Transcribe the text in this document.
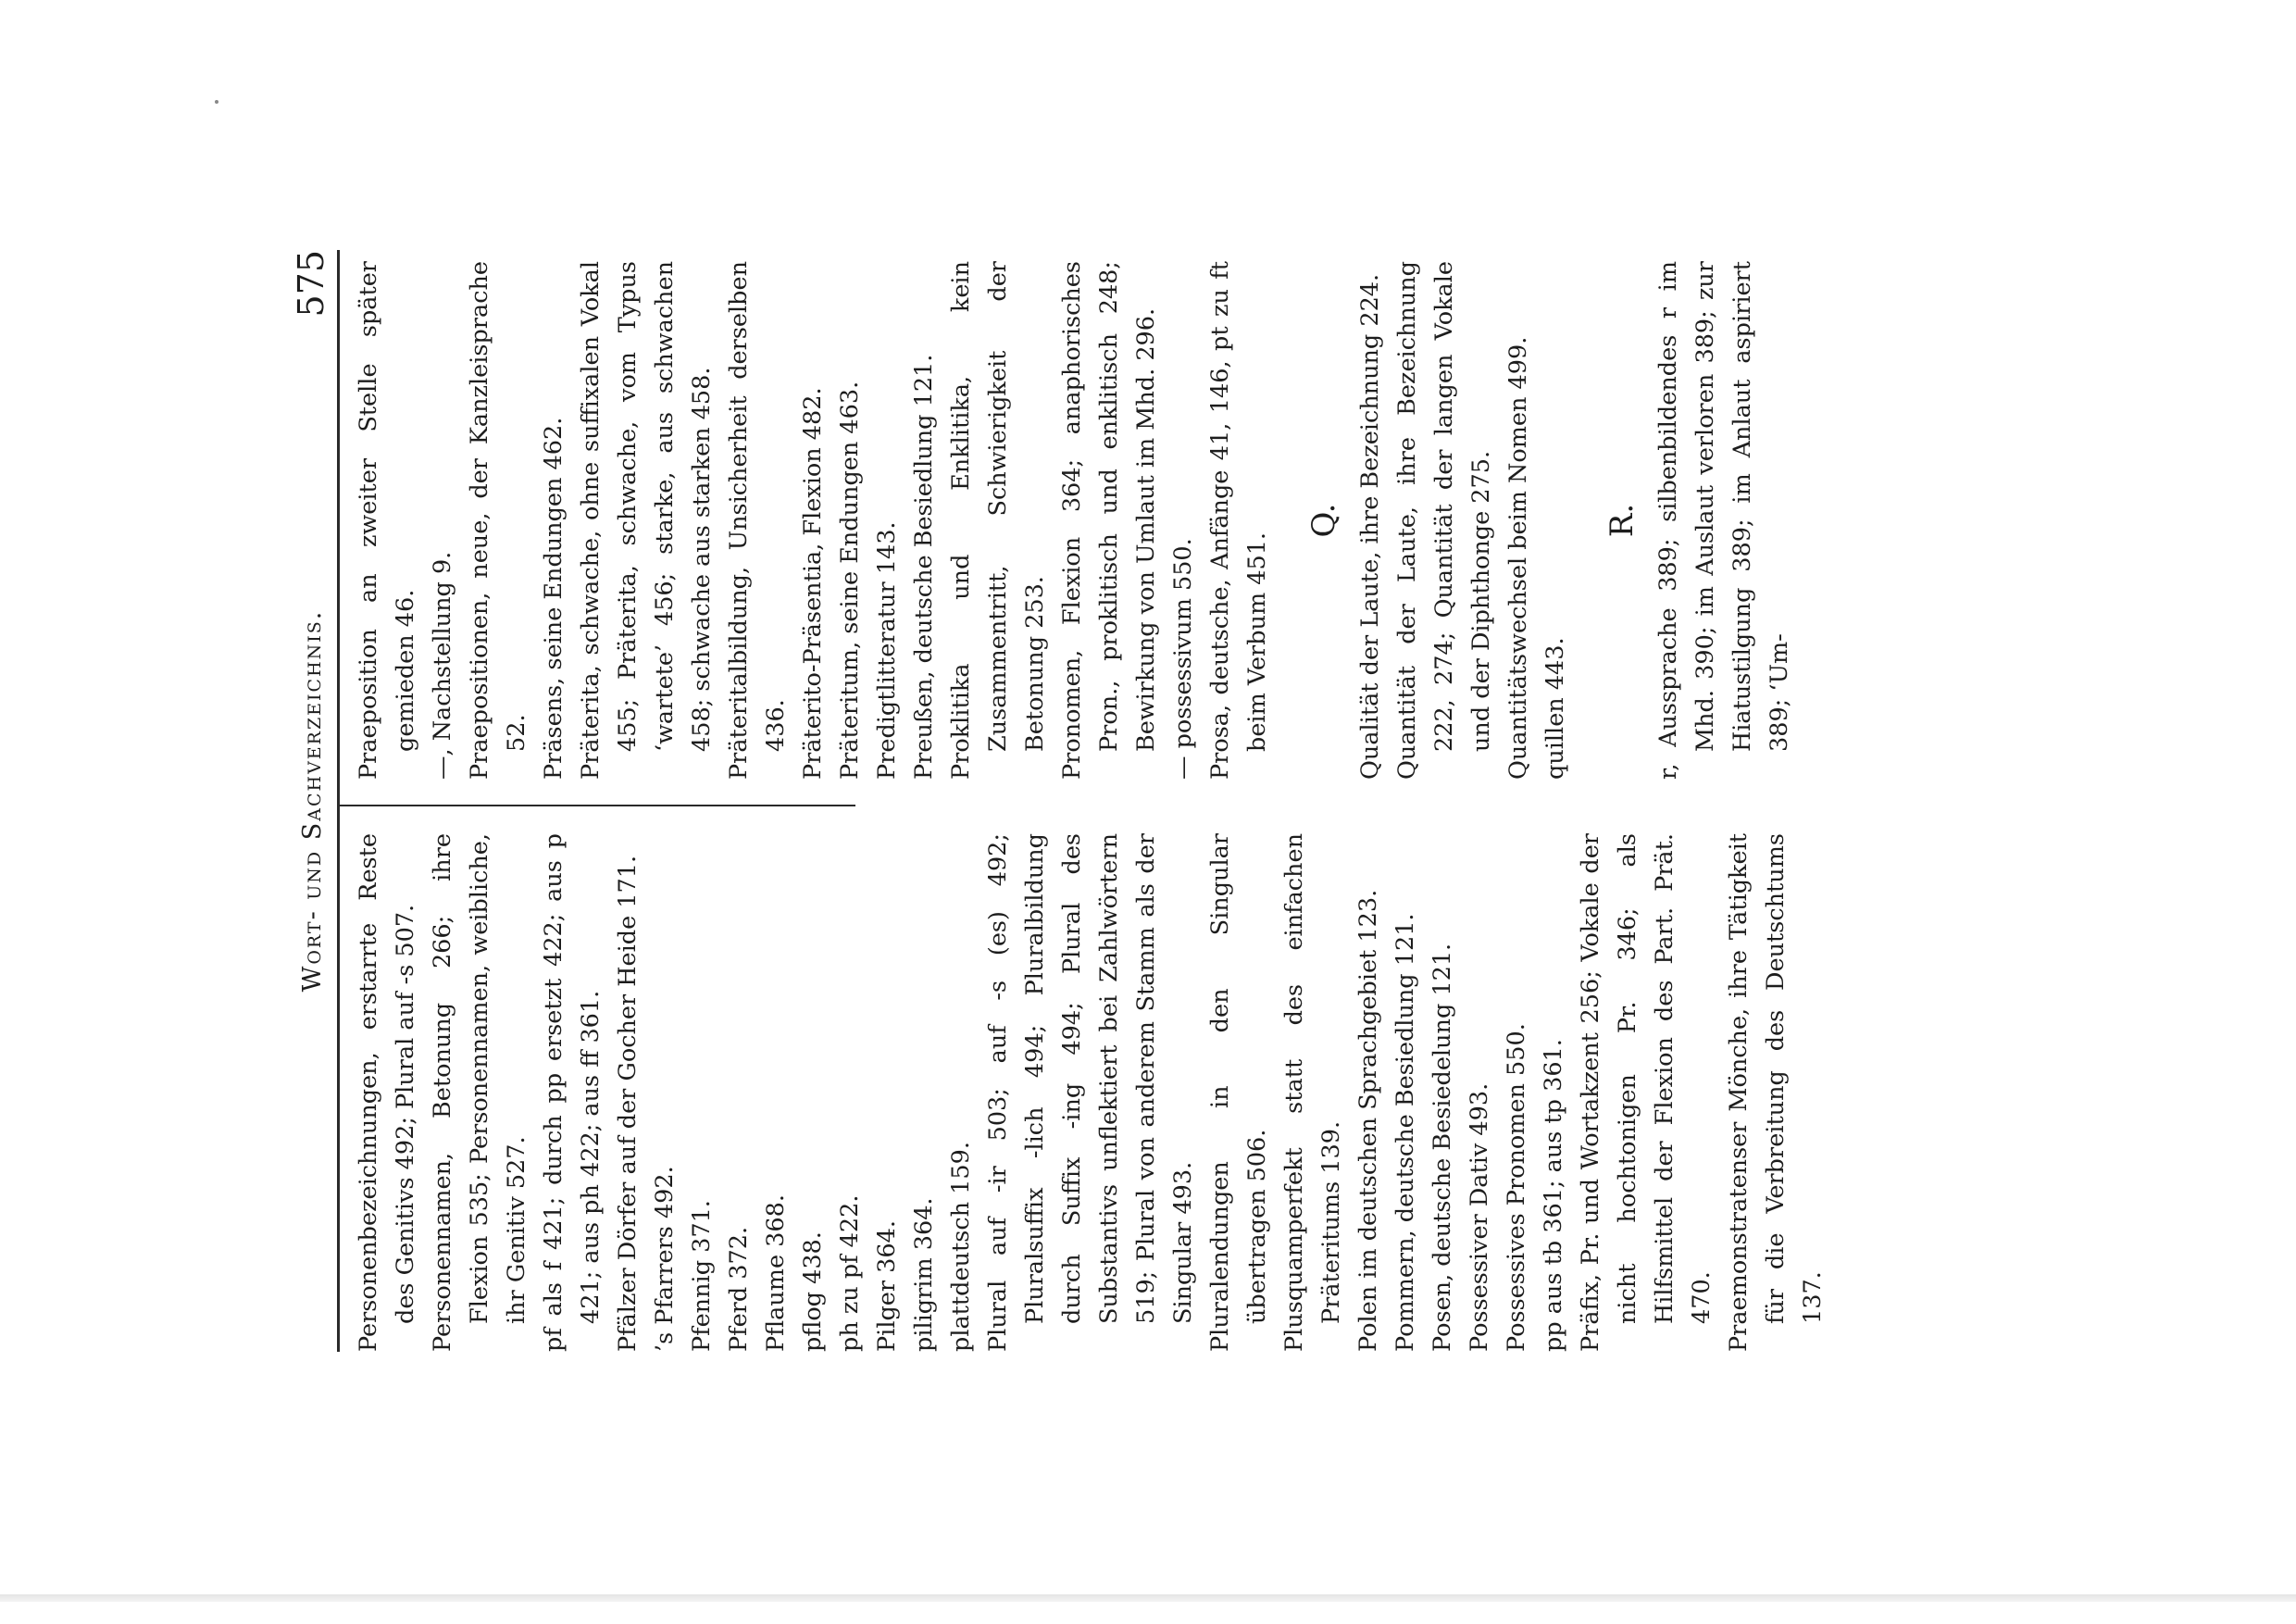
Wort- und Sachverzeichnis.
575

Personenbezeichnungen, erstarrte Reste des Genitivs 492; Plural auf -s 507. Personennamen, Betonung 266; ihre Flexion 535; Personennamen, weibliche, ihr Genitiv 527. pf als f 421; durch pp ersetzt 422; aus p 421; aus ph 422; aus ff 361. Pfälzer Dörfer auf der Gocher Heide 171. ’s Pfarrers 492. Pfennig 371. Pferd 372. Pflaume 368. pflog 438. ph zu pf 422. Pilger 364. piligrim 364. plattdeutsch 159. Plural auf -ir 503; auf -s (es) 492; Pluralsuffix -lich 494; Pluralbildung durch Suffix -ing 494; Plural des Substantivs unflektiert bei Zahlwörtern 519; Plural von anderem Stamm als der Singular 493. Pluralendungen in den Singular übertragen 506. Plusquamperfekt statt des einfachen Präteritums 139. Polen im deutschen Sprachgebiet 123. Pommern, deutsche Besiedlung 121. Posen, deutsche Besiedelung 121. Possessiver Dativ 493. Possessives Pronomen 550. pp aus tb 361; aus tp 361. Präfix, Pr. und Wortakzent 256; Vokale der nicht hochtonigen Pr. 346; als Hilfsmittel der Flexion des Part. Prät. 470. Praemonstratenser Mönche, ihre Tätigkeit für die Verbreitung des Deutschtums 137.

Praeposition an zweiter Stelle später gemieden 46. —, Nachstellung 9. Praepositionen, neue, der Kanzleisprache 52. Präsens, seine Endungen 462. Präterita, schwache, ohne suffixalen Vokal 455; Präterita, schwache, vom Typus ‘wartete’ 456; starke, aus schwachen 458; schwache aus starken 458. Präteritalbildung, Unsicherheit derselben 436. Präterito-Präsentia, Flexion 482. Präteritum, seine Endungen 463. Predigtlitteratur 143. Preußen, deutsche Besiedlung 121. Proklitika und Enklitika, kein Zusammentritt, Schwierigkeit der Betonung 253. Pronomen, Flexion 364; anaphorisches Pron., proklitisch und enklitisch 248; Bewirkung von Umlaut im Mhd. 296. — possessivum 550. Prosa, deutsche, Anfänge 41, 146, pt zu ft beim Verbum 451.

Q. Qualität der Laute, ihre Bezeichnung 224. Quantität der Laute, ihre Bezeichnung 222, 274; Quantität der langen Vokale und der Diphthonge 275. Quantitätswechsel beim Nomen 499. quillen 443.

R. r, Aussprache 389; silbenbildendes r im Mhd. 390; im Auslaut verloren 389; zur Hiatustilgung 389; im Anlaut aspiriert 389; ‘Um-
